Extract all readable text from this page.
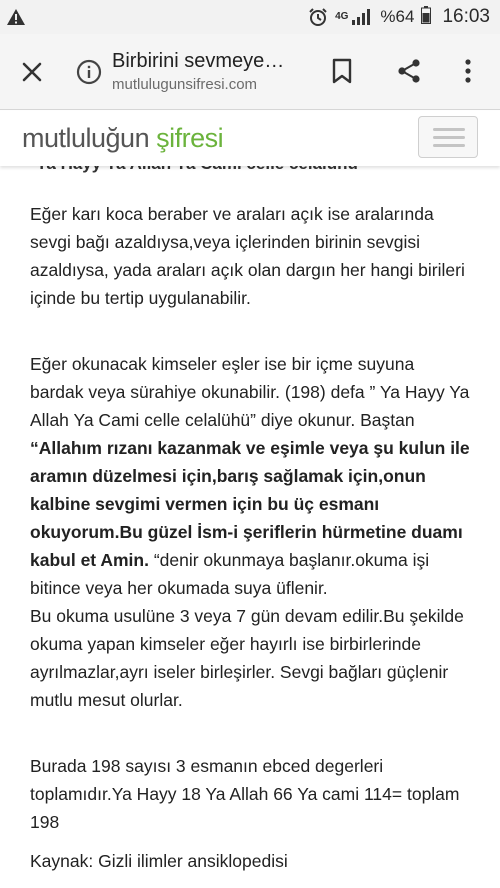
4G %64 16:03
Birbirini sevmeye…
mutlulugunsifresi.com
mutluluğun şifresi

Eğer karı koca beraber ve araları açık ise aralarında sevgi bağı azaldıysa,veya içlerinden birinin sevgisi azaldıysa, yada araları açık olan dargın her hangi birileri içinde bu tertip uygulanabilir.

Eğer okunacak kimseler eşler ise bir içme suyuna bardak veya sürahiye okunabilir. (198) defa ” Ya Hayy Ya Allah Ya Cami celle celalühü” diye okunur. Baştan “Allahım rızanı kazanmak ve eşimle veya şu kulun ile aramın düzelmesi için,barış sağlamak için,onun kalbine sevgimi vermen için bu üç esmanı okuyorum.Bu güzel İsm-i şeriflerin hürmetine duamı kabul et Amin. “denir okunmaya başlanır.okuma işi bitince veya her okumada suya üflenir.
Bu okuma usulüne 3 veya 7 gün devam edilir.Bu şekilde okuma yapan kimseler eğer hayırlı ise birbirlerinde ayrılmazlar,ayrı iseler birleşirler. Sevgi bağları güçlenir mutlu mesut olurlar.

Burada 198 sayısı 3 esmanın ebced degerleri toplamıdır.Ya Hayy 18 Ya Allah 66 Ya cami 114= toplam 198

Kaynak: Gizli ilimler ansiklopedisi
